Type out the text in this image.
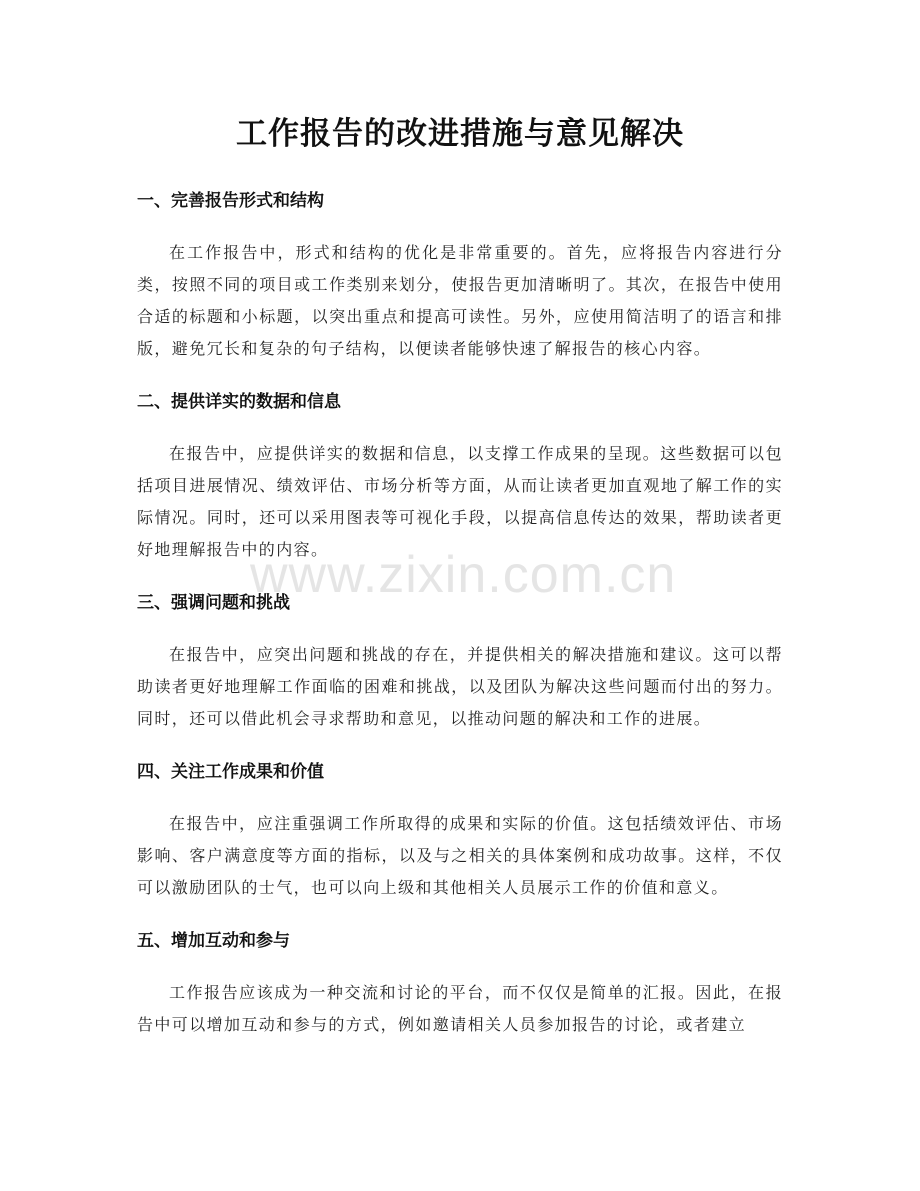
工作报告的改进措施与意见解决
一、完善报告形式和结构

在工作报告中，形式和结构的优化是非常重要的。首先，应将报告内容进行分类，按照不同的项目或工作类别来划分，使报告更加清晰明了。其次，在报告中使用合适的标题和小标题，以突出重点和提高可读性。另外，应使用简洁明了的语言和排版，避免冗长和复杂的句子结构，以便读者能够快速了解报告的核心内容。

二、提供详实的数据和信息

在报告中，应提供详实的数据和信息，以支撑工作成果的呈现。这些数据可以包括项目进展情况、绩效评估、市场分析等方面，从而让读者更加直观地了解工作的实际情况。同时，还可以采用图表等可视化手段，以提高信息传达的效果，帮助读者更好地理解报告中的内容。

三、强调问题和挑战

在报告中，应突出问题和挑战的存在，并提供相关的解决措施和建议。这可以帮助读者更好地理解工作面临的困难和挑战，以及团队为解决这些问题而付出的努力。同时，还可以借此机会寻求帮助和意见，以推动问题的解决和工作的进展。

四、关注工作成果和价值

在报告中，应注重强调工作所取得的成果和实际的价值。这包括绩效评估、市场影响、客户满意度等方面的指标，以及与之相关的具体案例和成功故事。这样，不仅可以激励团队的士气，也可以向上级和其他相关人员展示工作的价值和意义。

五、增加互动和参与

工作报告应该成为一种交流和讨论的平台，而不仅仅是简单的汇报。因此，在报告中可以增加互动和参与的方式，例如邀请相关人员参加报告的讨论，或者建立

www.zixin.com.cn
